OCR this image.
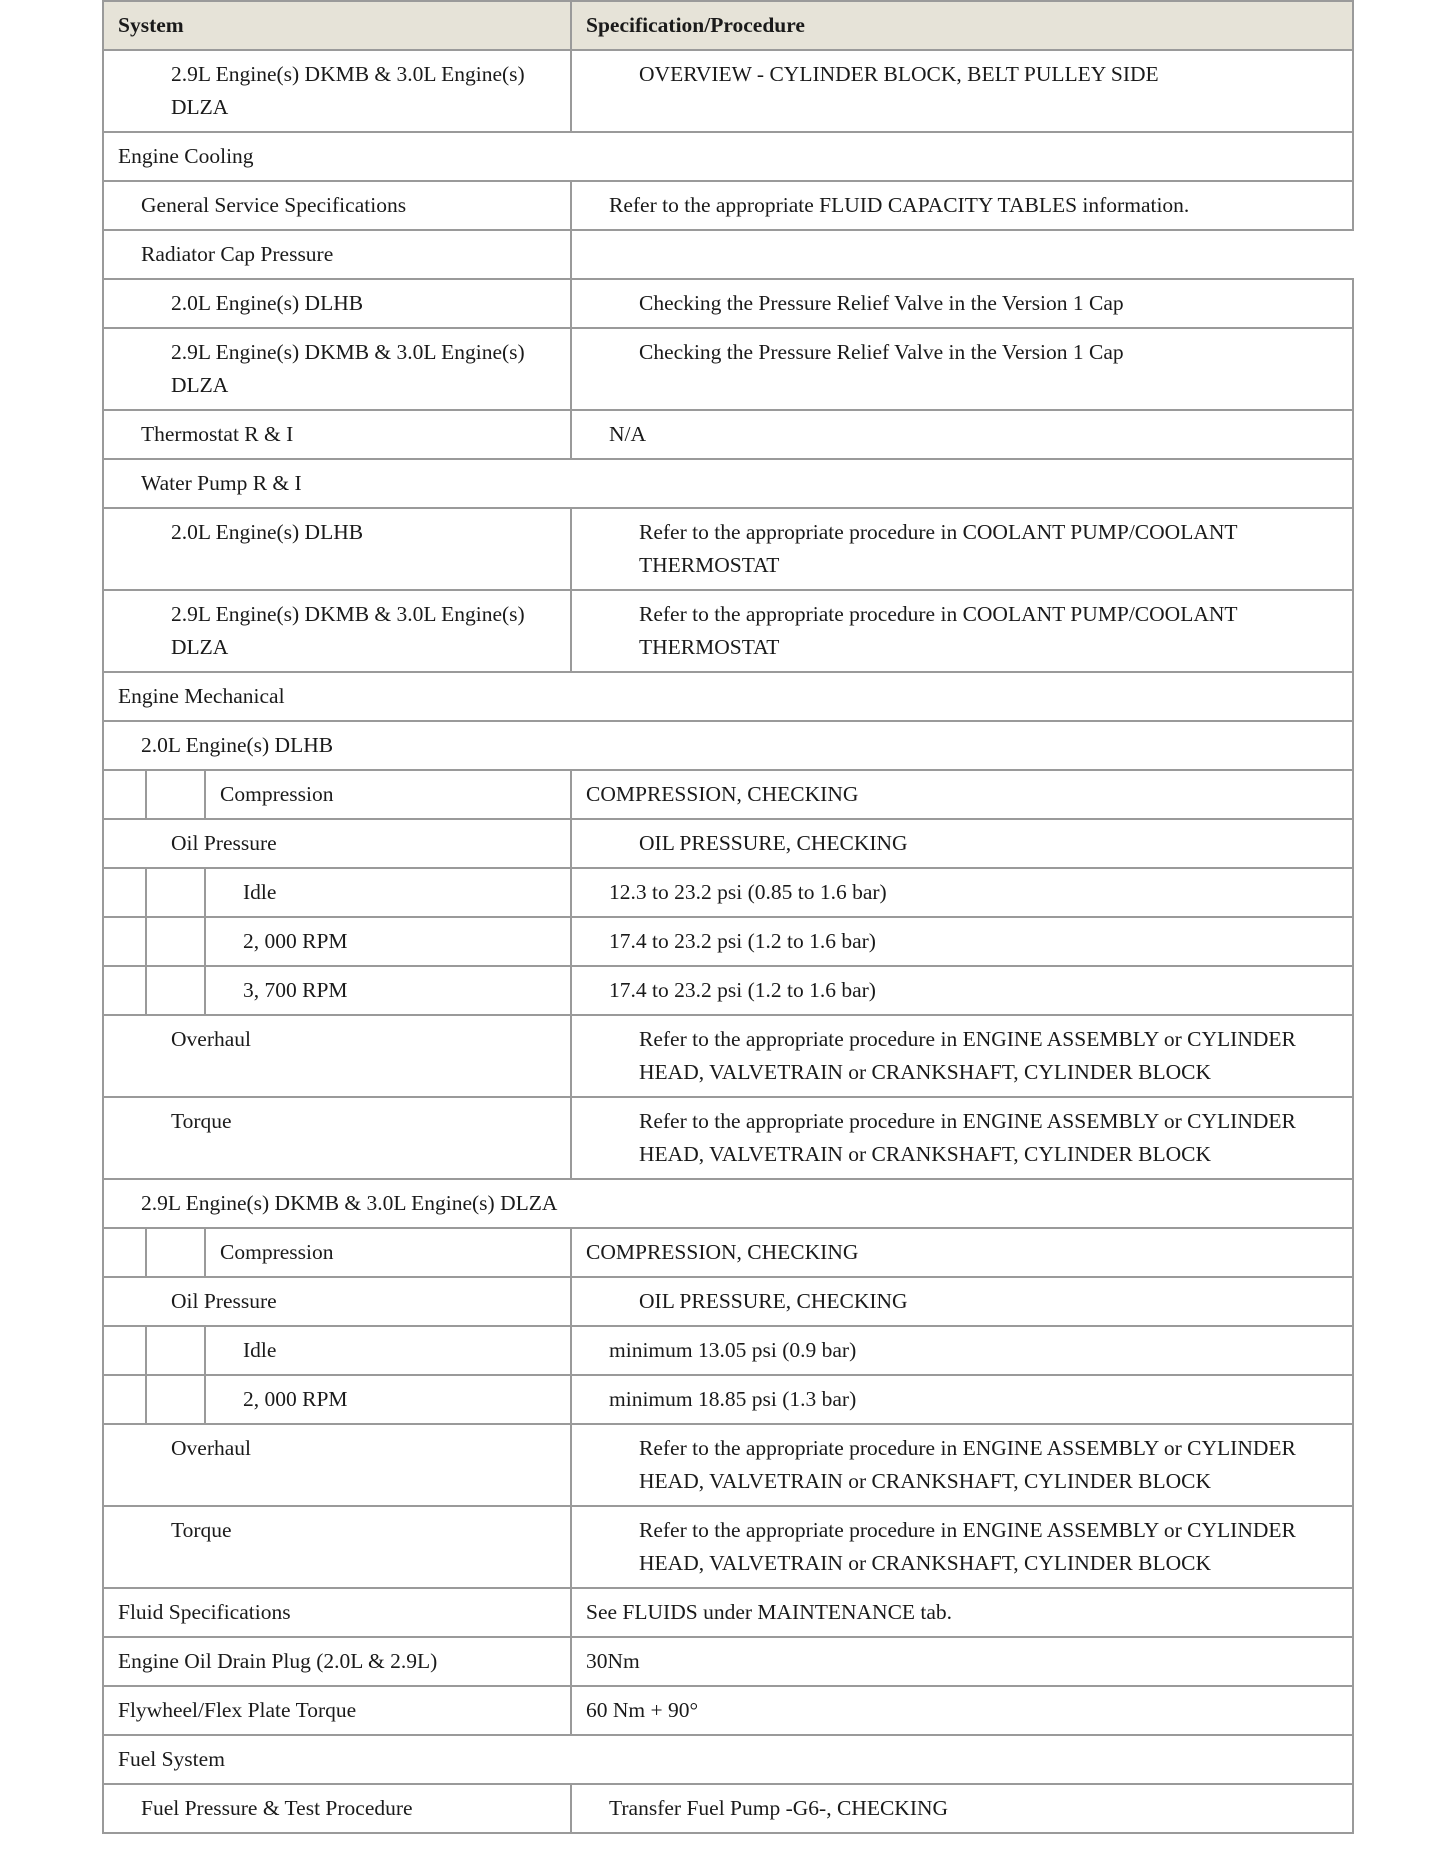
System			Specification/Procedure
2.9L Engine(s) DKMB & 3.0L Engine(s) DLZA			OVERVIEW - CYLINDER BLOCK, BELT PULLEY SIDE
Engine Cooling			
General Service Specifications			Refer to the appropriate FLUID CAPACITY TABLES information.
Radiator Cap Pressure			
2.0L Engine(s) DLHB			Checking the Pressure Relief Valve in the Version 1 Cap
2.9L Engine(s) DKMB & 3.0L Engine(s) DLZA			Checking the Pressure Relief Valve in the Version 1 Cap
Thermostat R & I			N/A
Water Pump R & I			
2.0L Engine(s) DLHB			Refer to the appropriate procedure in COOLANT PUMP/COOLANT THERMOSTAT
2.9L Engine(s) DKMB & 3.0L Engine(s) DLZA			Refer to the appropriate procedure in COOLANT PUMP/COOLANT THERMOSTAT
Engine Mechanical			
2.0L Engine(s) DLHB			
		Compression	COMPRESSION, CHECKING
Oil Pressure			OIL PRESSURE, CHECKING
		Idle	12.3 to 23.2 psi (0.85 to 1.6 bar)
		2, 000 RPM	17.4 to 23.2 psi (1.2 to 1.6 bar)
		3, 700 RPM	17.4 to 23.2 psi (1.2 to 1.6 bar)
Overhaul			Refer to the appropriate procedure in ENGINE ASSEMBLY or CYLINDER HEAD, VALVETRAIN or CRANKSHAFT, CYLINDER BLOCK
Torque			Refer to the appropriate procedure in ENGINE ASSEMBLY or CYLINDER HEAD, VALVETRAIN or CRANKSHAFT, CYLINDER BLOCK
2.9L Engine(s) DKMB & 3.0L Engine(s) DLZA			
		Compression	COMPRESSION, CHECKING
Oil Pressure			OIL PRESSURE, CHECKING
		Idle	minimum 13.05 psi (0.9 bar)
		2, 000 RPM	minimum 18.85 psi (1.3 bar)
Overhaul			Refer to the appropriate procedure in ENGINE ASSEMBLY or CYLINDER HEAD, VALVETRAIN or CRANKSHAFT, CYLINDER BLOCK
Torque			Refer to the appropriate procedure in ENGINE ASSEMBLY or CYLINDER HEAD, VALVETRAIN or CRANKSHAFT, CYLINDER BLOCK
Fluid Specifications			See FLUIDS under MAINTENANCE tab.
Engine Oil Drain Plug (2.0L & 2.9L)			30Nm
Flywheel/Flex Plate Torque			60 Nm + 90°
Fuel System			
Fuel Pressure & Test Procedure			Transfer Fuel Pump -G6-, CHECKING
